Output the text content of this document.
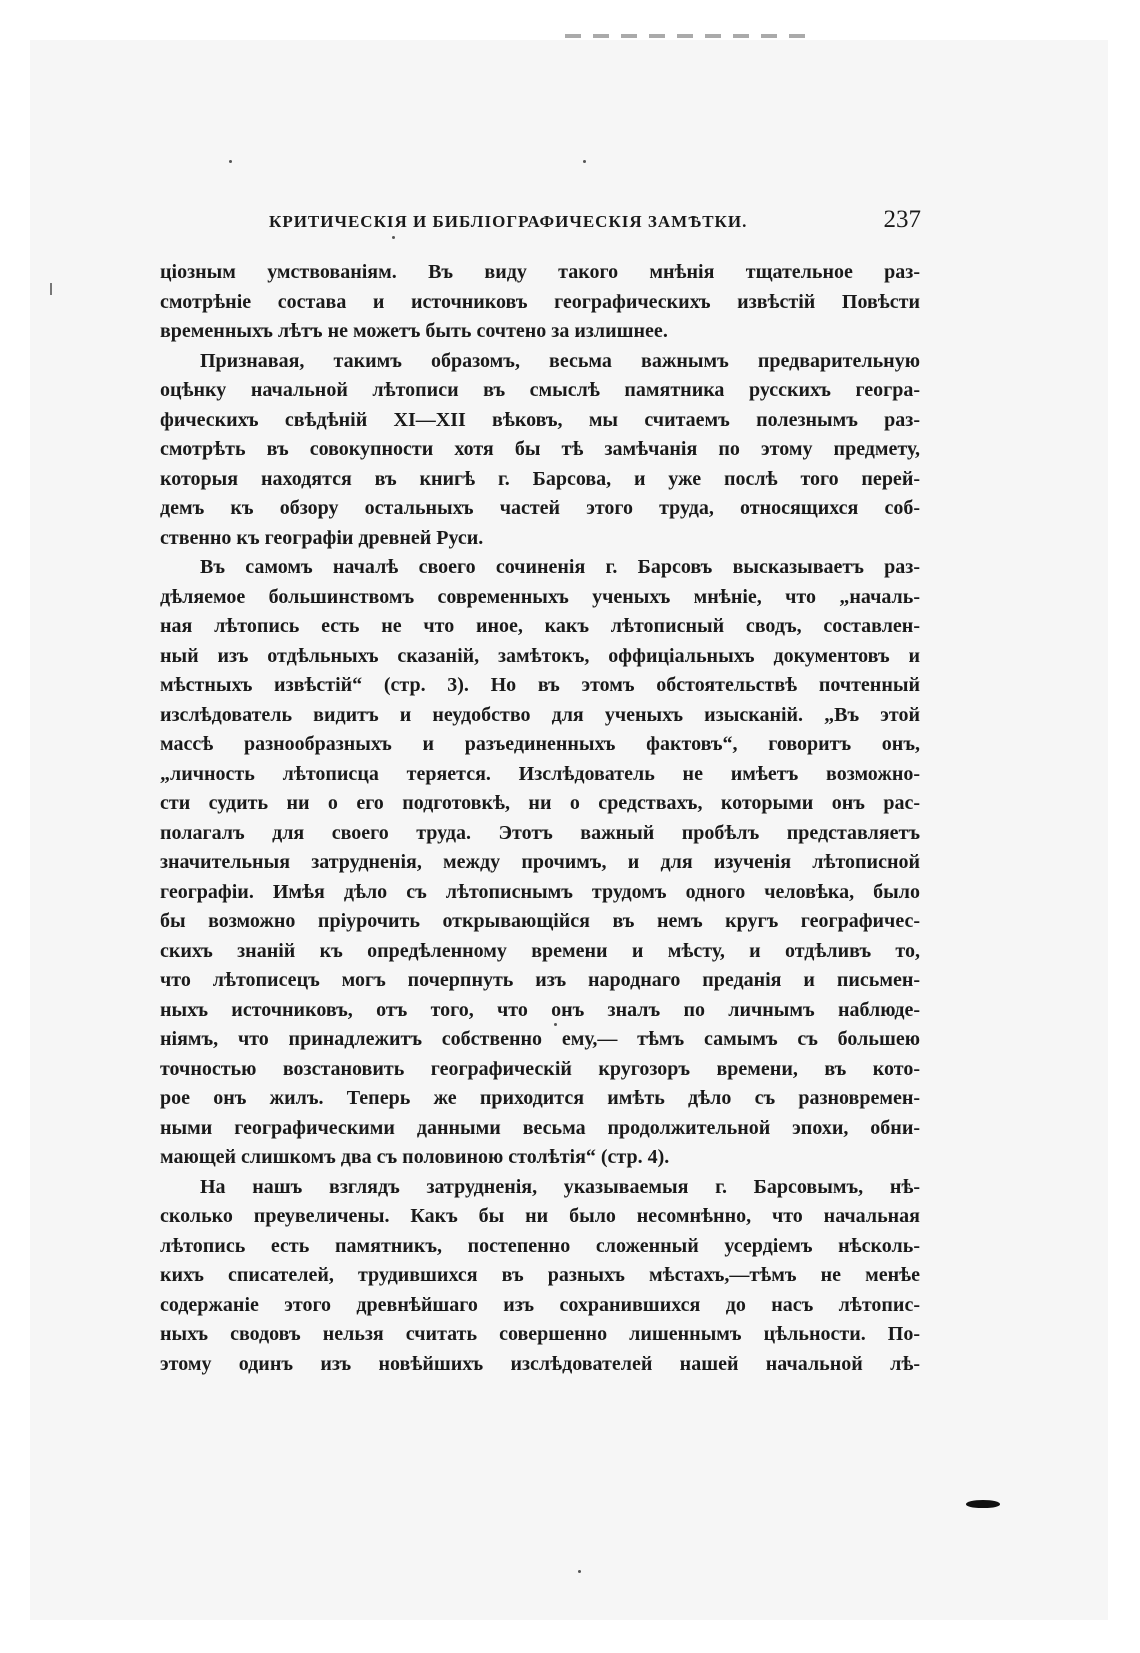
КРИТИЧЕСКІЯ И БИБЛІОГРАФИЧЕСКІЯ ЗАМѢТКИ.	237

ціозным умствованіям. Въ виду такого мнѣнія тщательное раз-
смотрѣніе состава и источниковъ географическихъ извѣстій Повѣсти
временныхъ лѣтъ не можетъ быть сочтено за излишнее.

Признавая, такимъ образомъ, весьма важнымъ предварительную
оцѣнку начальной лѣтописи въ смыслѣ памятника русскихъ геогра-
фическихъ свѣдѣній XI—XII вѣковъ, мы считаемъ полезнымъ раз-
смотрѣть въ совокупности хотя бы тѣ замѣчанія по этому предмету,
которыя находятся въ книгѣ г. Барсова, и уже послѣ того перей-
демъ къ обзору остальныхъ частей этого труда, относящихся соб-
ственно къ географіи древней Руси.

Въ самомъ началѣ своего сочиненія г. Барсовъ высказываетъ раз-
дѣляемое большинствомъ современныхъ ученыхъ мнѣніе, что „началь-
ная лѣтопись есть не что иное, какъ лѣтописный сводъ, составлен-
ный изъ отдѣльныхъ сказаній, замѣтокъ, оффиціальныхъ документовъ и
мѣстныхъ извѣстій“ (стр. 3). Но въ этомъ обстоятельствѣ почтенный
изслѣдователь видитъ и неудобство для ученыхъ изысканій. „Въ этой
массѣ разнообразныхъ и разъединенныхъ фактовъ“, говоритъ онъ,
„личность лѣтописца теряется. Изслѣдователь не имѣетъ возможно-
сти судить ни о его подготовкѣ, ни о средствахъ, которыми онъ рас-
полагалъ для своего труда. Этотъ важный пробѣлъ представляетъ
значительныя затрудненія, между прочимъ, и для изученія лѣтописной
географіи. Имѣя дѣло съ лѣтописнымъ трудомъ одного человѣка, было
бы возможно пріурочить открывающійся въ немъ кругъ географичес-
скихъ знаній къ опредѣленному времени и мѣсту, и отдѣливъ то,
что лѣтописецъ могъ почерпнуть изъ народнаго преданія и письмен-
ныхъ источниковъ, отъ того, что онъ зналъ по личнымъ наблюде-
ніямъ, что принадлежитъ собственно ему,— тѣмъ самымъ съ большею
точностью возстановить географическій кругозоръ времени, въ кото-
рое онъ жилъ. Теперь же приходится имѣть дѣло съ разновремен-
ными географическими данными весьма продолжительной эпохи, обни-
мающей слишкомъ два съ половиною столѣтія“ (стр. 4).

На нашъ взглядъ затрудненія, указываемыя г. Барсовымъ, нѣ-
сколько преувеличены. Какъ бы ни было несомнѣнно, что начальная
лѣтопись есть памятникъ, постепенно сложенный усердіемъ нѣсколь-
кихъ списателей, трудившихся въ разныхъ мѣстахъ,—тѣмъ не менѣе
содержаніе этого древнѣйшаго изъ сохранившихся до насъ лѣтопис-
ныхъ сводовъ нельзя считать совершенно лишеннымъ цѣльности. По-
этому одинъ изъ новѣйшихъ изслѣдователей нашей начальной лѣ-
